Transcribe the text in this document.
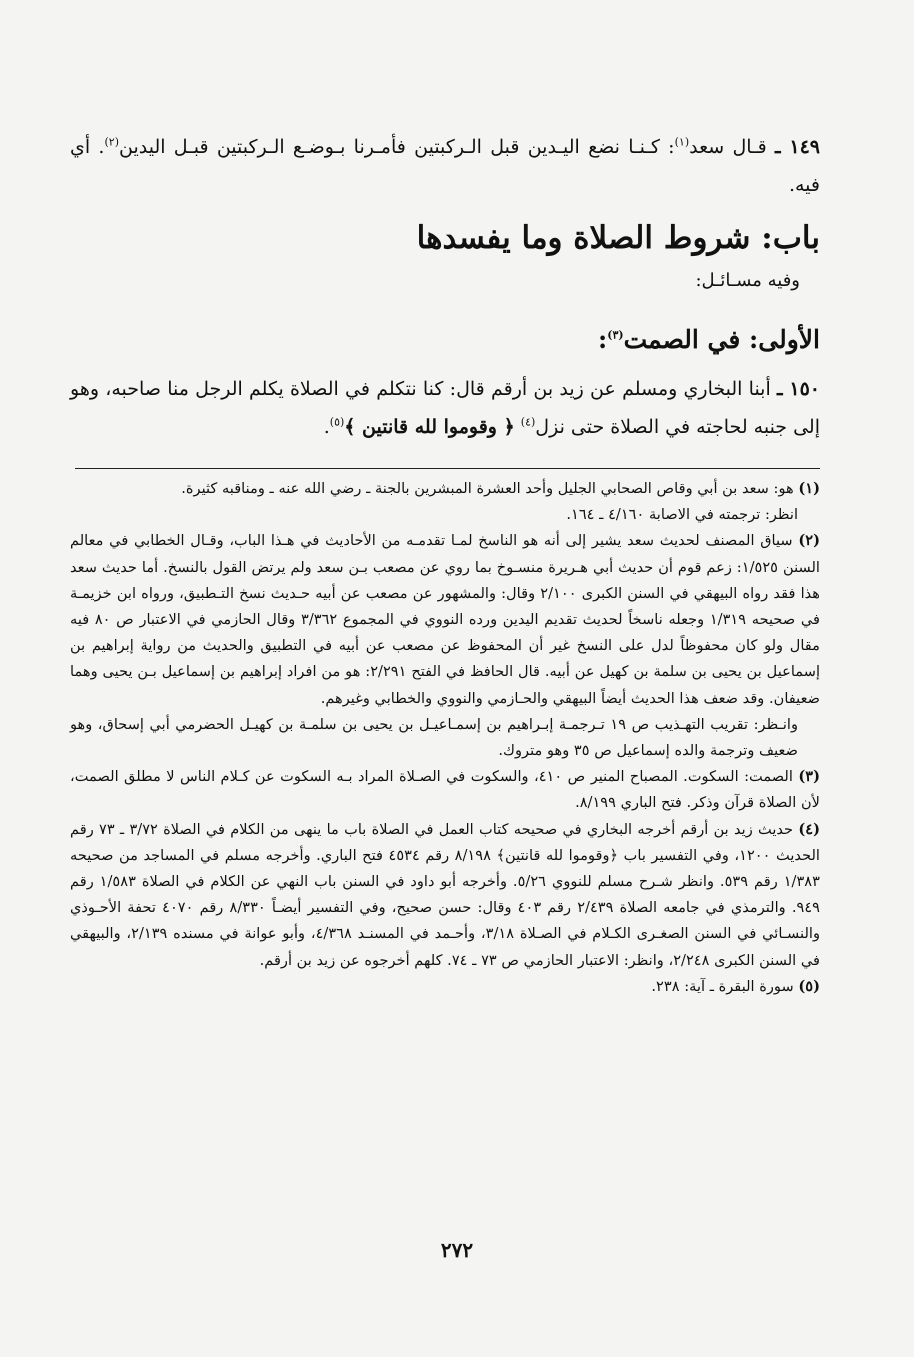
١٤٩ ـ قـال سعد$^{(١)}$: كـنـا نضع اليـدين قبل الـركبتين فأمـرنا بـوضـع الـركبتين قبـل اليدين$^{(٢)}$. أي فيه.
باب: شروط الصلاة وما يفسدها
وفيه مسـائـل:
الأولى: في الصمت$^{(٣)}$:
١٥٠ ـ أبنا البخاري ومسلم عن زيد بن أرقم قال: كنا نتكلم في الصلاة يكلم الرجل منا صاحبه، وهو إلى جنبه لحاجته في الصلاة حتى نزل$^{(٤)}$ ﴿ وقوموا لله قانتين ﴾$^{(٥)}$.

(١) هو: سعد بن أبي وقاص الصحابي الجليل وأحد العشرة المبشرين بالجنة ـ رضي الله عنه ـ ومناقبه كثيرة.

انظر: ترجمته في الاصابة ٤/١٦٠ ـ ١٦٤.

(٢) سياق المصنف لحديث سعد يشير إلى أنه هو الناسخ لمـا تقدمـه من الأحاديث في هـذا الباب، وقـال الخطابي في معالم السنن ١/٥٢٥: زعم قوم أن حديث أبي هـريرة منسـوخ بما روي عن مصعب بـن سعد ولم يرتض القول بالنسخ. أما حديث سعد هذا فقد رواه البيهقي في السنن الكبرى ٢/١٠٠ وقال: والمشهور عن مصعب عن أبيه حـديث نسخ التـطبيق، ورواه ابن خزيمـة في صحيحه ١/٣١٩ وجعله ناسخاً لحديث تقديم اليدين ورده النووي في المجموع ٣/٣٦٢ وقال الحازمي في الاعتبار ص ٨٠ فيه مقال ولو كان محفوظاً لدل على النسخ غير أن المحفوظ عن مصعب عن أبيه في التطبيق والحديث من رواية إبراهيم بن إسماعيل بن يحيى بن سلمة بن كهيل عن أبيه. قال الحافظ في الفتح ٢/٢٩١: هو من افراد إبراهيم بن إسماعيل بـن يحيى وهما ضعيفان. وقد ضعف هذا الحديث أيضاً البيهقي والحـازمي والنووي والخطابي وغيرهم.

وانـظر: تقريب التهـذيب ص ١٩ تـرجمـة إبـراهيم بن إسمـاعيـل بن يحيى بن سلمـة بن كهيـل الحضرمي أبي إسحاق، وهو ضعيف وترجمة والده إسماعيل ص ٣٥ وهو متروك.

(٣) الصمت: السكوت. المصباح المنير ص ٤١٠، والسكوت في الصـلاة المراد بـه السكوت عن كـلام الناس لا مطلق الصمت، لأن الصلاة قرآن وذكر. فتح الباري ٨/١٩٩.

(٤) حديث زيد بن أرقم أخرجه البخاري في صحيحه كتاب العمل في الصلاة باب ما ينهى من الكلام في الصلاة ٣/٧٢ ـ ٧٣ رقم الحديث ١٢٠٠، وفي التفسير باب ﴿وقوموا لله قانتين﴾ ٨/١٩٨ رقم ٤٥٣٤ فتح الباري. وأخرجه مسلم في المساجد من صحيحه ١/٣٨٣ رقم ٥٣٩. وانظر شـرح مسلم للنووي ٥/٢٦. وأخرجه أبو داود في السنن باب النهي عن الكلام في الصلاة ١/٥٨٣ رقم ٩٤٩. والترمذي في جامعه الصلاة ٢/٤٣٩ رقم ٤٠٣ وقال: حسن صحيح، وفي التفسير أيضـاً ٨/٣٣٠ رقم ٤٠٧٠ تحفة الأحـوذي والنسـائي في السنن الصغـرى الكـلام في الصـلاة ٣/١٨، وأحـمد في المسنـد ٤/٣٦٨، وأبو عوانة في مسنده ٢/١٣٩، والبيهقي في السنن الكبرى ٢/٢٤٨، وانظر: الاعتبار الحازمي ص ٧٣ ـ ٧٤. كلهم أخرجوه عن زيد بن أرقم.

(٥) سورة البقرة ـ آية: ٢٣٨.

٢٧٢
